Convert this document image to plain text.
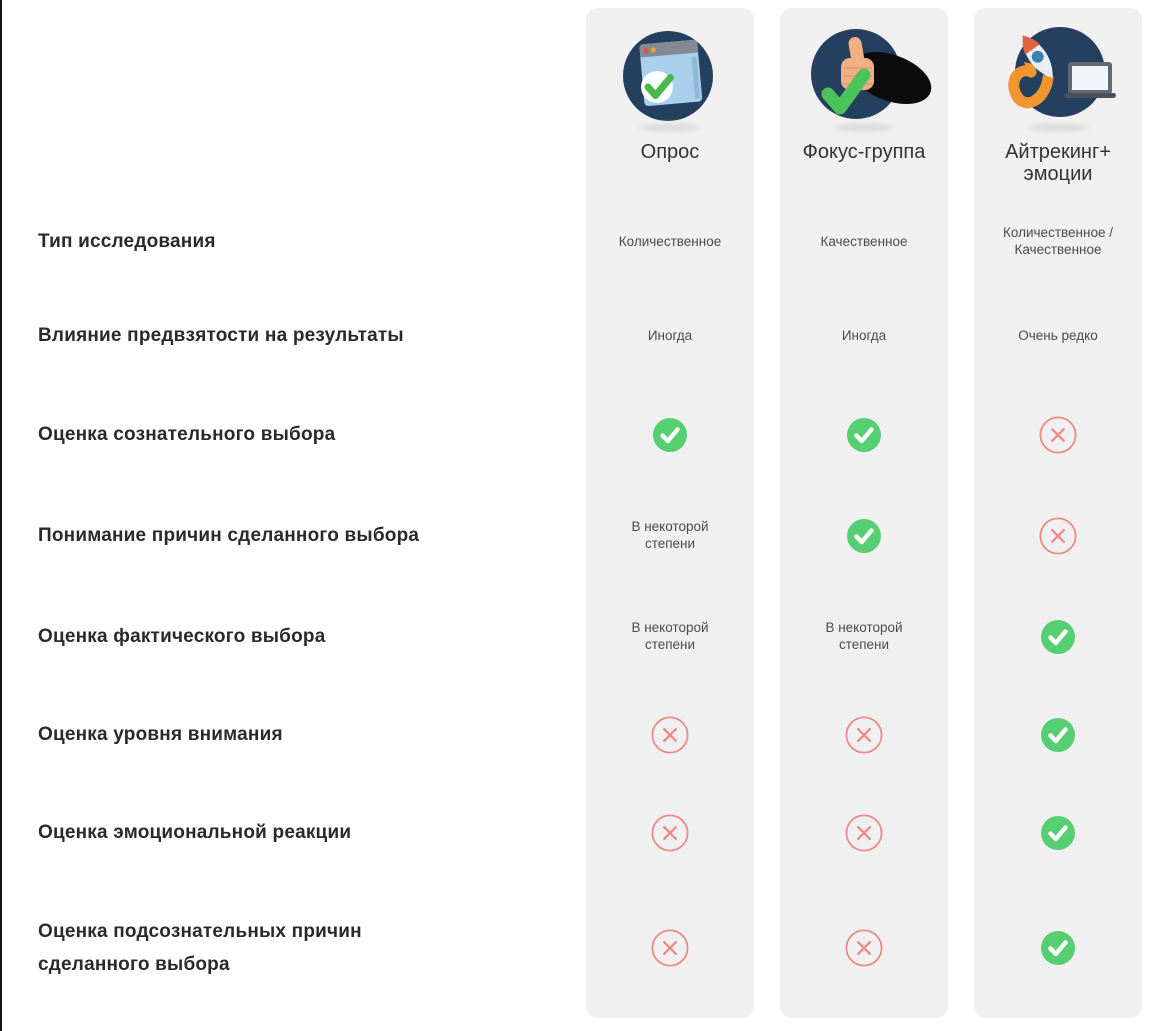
Тип исследования
Влияние предвзятости на результаты
Оценка сознательного выбора
Понимание причин сделанного выбора
Оценка фактического выбора
Оценка уровня внимания
Оценка эмоциональной реакции
Оценка подсознательных причин сделанного выбора
Опрос
Количественное
Иногда
В некоторой степени
В некоторой степени
Фокус-группа
Качественное
Иногда
В некоторой степени
Айтрекинг+ эмоции
Количественное / Качественное
Очень редко
